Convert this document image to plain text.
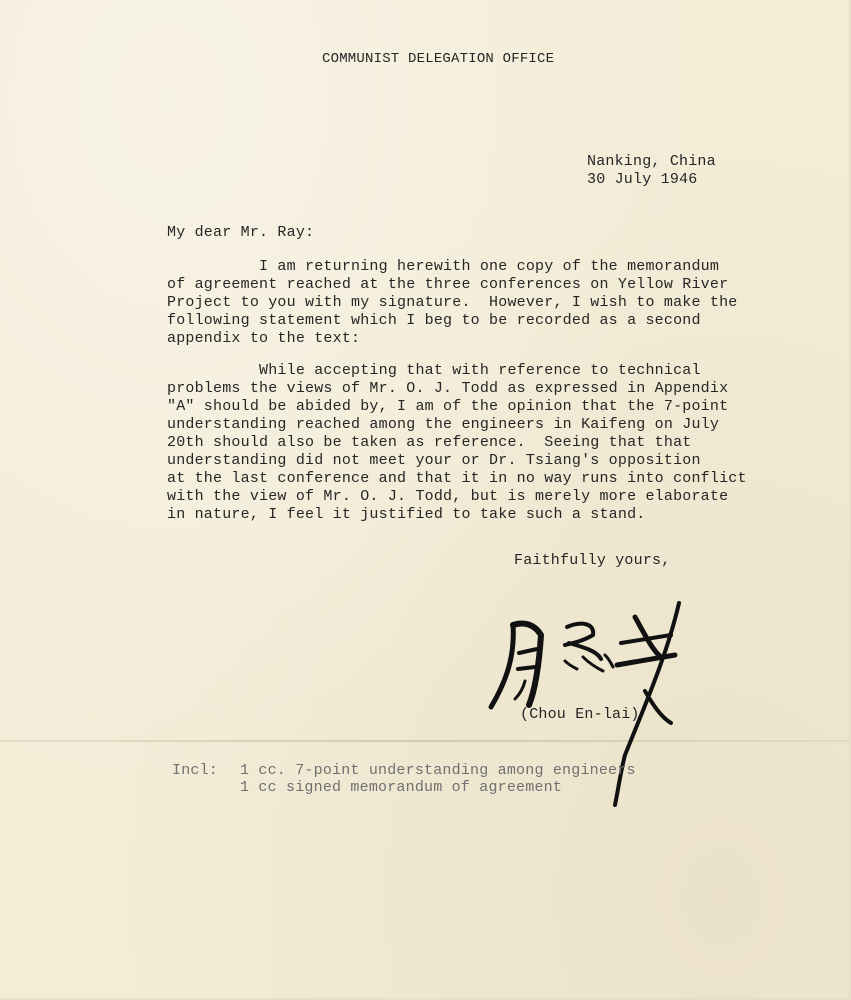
COMMUNIST DELEGATION OFFICE
Nanking, China
30 July 1946
My dear Mr. Ray:
I am returning herewith one copy of the memorandum
of agreement reached at the three conferences on Yellow River
Project to you with my signature.  However, I wish to make the
following statement which I beg to be recorded as a second
appendix to the text:
While accepting that with reference to technical
problems the views of Mr. O. J. Todd as expressed in Appendix
"A" should be abided by, I am of the opinion that the 7-point
understanding reached among the engineers in Kaifeng on July
20th should also be taken as reference.  Seeing that that
understanding did not meet your or Dr. Tsiang's opposition
at the last conference and that it in no way runs into conflict
with the view of Mr. O. J. Todd, but is merely more elaborate
in nature, I feel it justified to take such a stand.
Faithfully yours,
(Chou En-lai)
Incl: 1 cc. 7-point understanding among engineers
1 cc signed memorandum of agreement
